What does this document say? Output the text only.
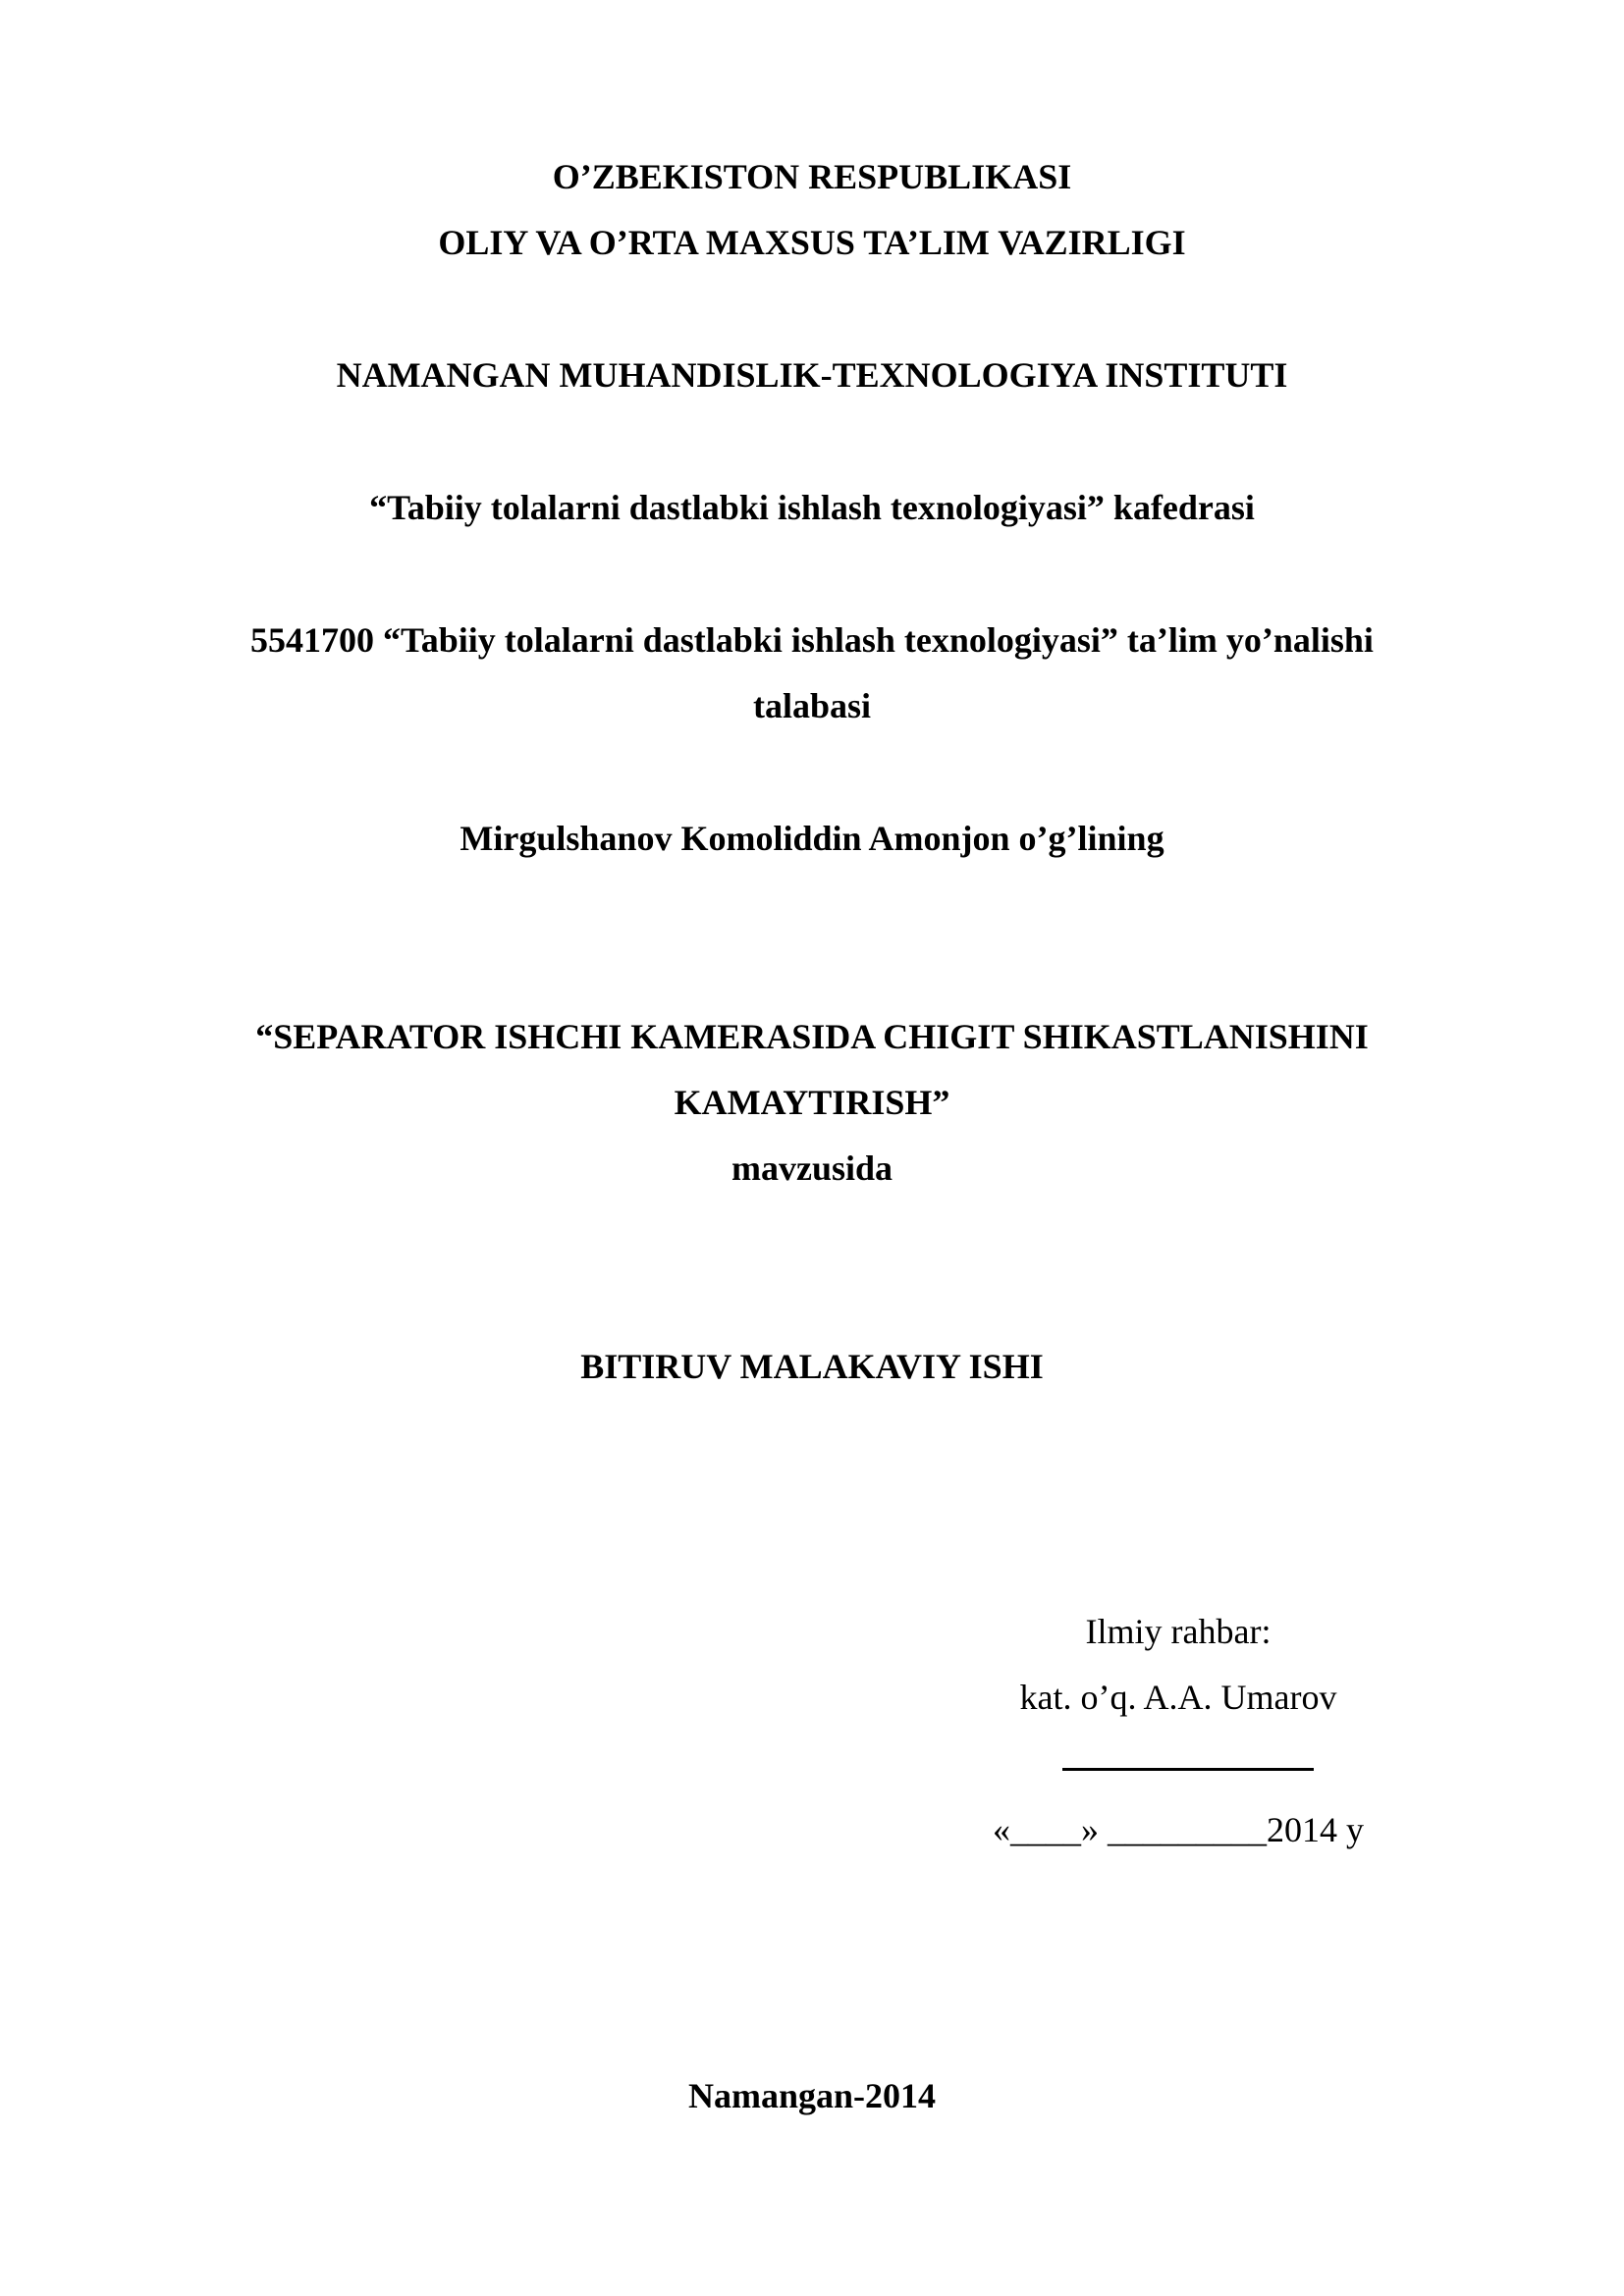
O’ZBEKISTON RESPUBLIKASI
OLIY VA O’RTA MAXSUS TA’LIM VAZIRLIGI
NAMANGAN MUHANDISLIK-TEXNOLOGIYA INSTITUTI
“Tabiiy tolalarni dastlabki ishlash texnologiyasi” kafedrasi
5541700 “Tabiiy tolalarni dastlabki ishlash texnologiyasi” ta’lim yo’nalishi
talabasi
Mirgulshanov Komoliddin Amonjon o’g’lining
“SEPARATOR ISHCHI KAMERASIDA CHIGIT SHIKASTLANISHINI
KAMAYTIRISH”
mavzusida
BITIRUV MALAKAVIY ISHI
Ilmiy rahbar:
kat. o’q. A.A. Umarov
«____» _________2014 y
Namangan-2014
